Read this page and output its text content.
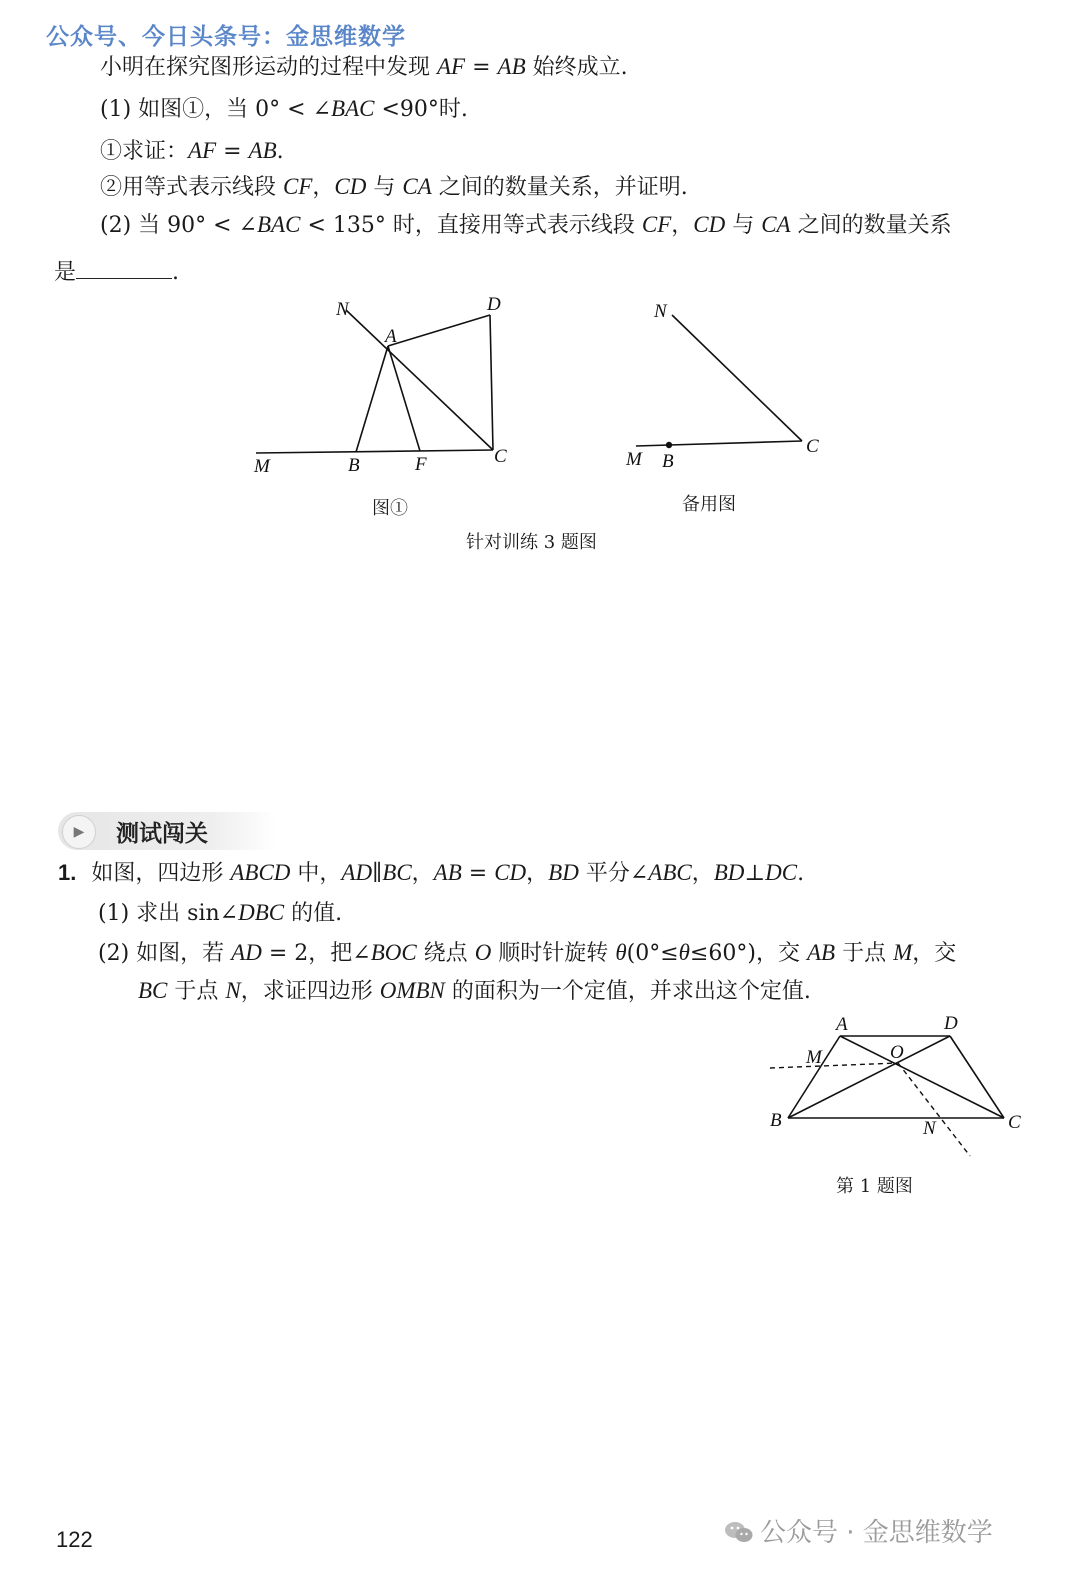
公众号、今日头条号：金思维数学
小明在探究图形运动的过程中发现 AF = AB 始终成立.
(1) 如图①，当 0° < ∠BAC <90°时.
①求证：AF = AB.
②用等式表示线段 CF，CD 与 CA 之间的数量关系，并证明.
(2) 当 90° < ∠BAC < 135° 时，直接用等式表示线段 CF，CD 与 CA 之间的数量关系
是	.
N
A
D
M	B	F	C
图①
N
M B
C
备用图
针对训练 3 题图
▶	测试闯关
1. 如图，四边形 ABCD 中，AD∥BC，AB = CD，BD 平分∠ABC，BD⊥DC.
(1) 求出 sin∠DBC 的值.
(2) 如图，若 AD = 2，把∠BOC 绕点 O 顺时针旋转 θ(0°≤θ≤60°)，交 AB 于点 M，交
BC 于点 N，求证四边形 OMBN 的面积为一个定值，并求出这个定值.
A	D
M	O
B	N	C
第 1 题图
122	公众号 · 金思维数学
